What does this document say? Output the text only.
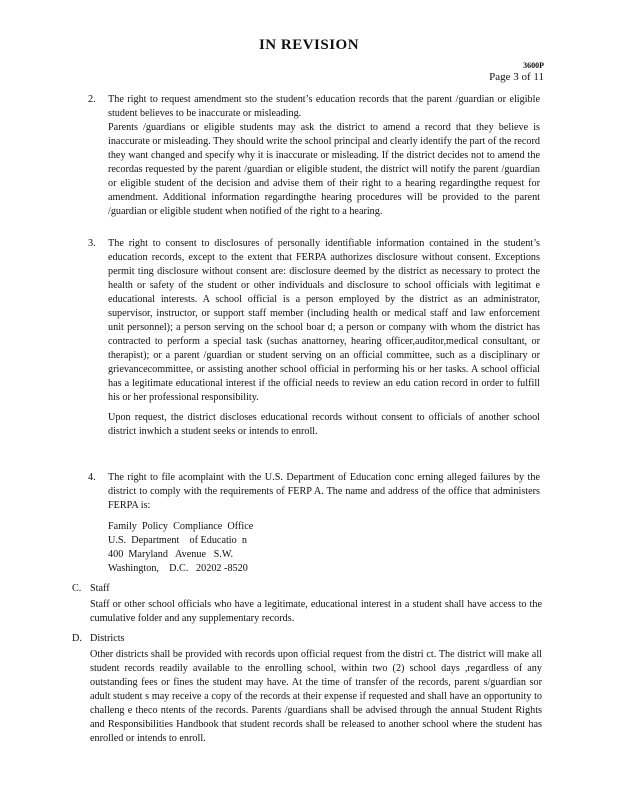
IN REVISION
3600P
Page 3 of 11
2.	The right to request amendment sto the student’s education records that the parent /guardian or eligible student believes to be inaccurate or misleading.

Parents /guardians or eligible students may ask the district to amend a record that they believe is inaccurate or misleading. They should write the school principal and clearly identify the part of the record they want changed and specify why it is inaccurate or misleading. If the district decides not to amend the recordas requested by the parent /guardian or eligible student, the district will notify the parent /guardian or eligible student of the decision and advise them of their right to a hearing regardingthe request for amendment. Additional information regardingthe hearing procedures will be provided to the parent /guardian or eligible student when notified of the right to a hearing.

3.	The right to consent to disclosures of personally identifiable information contained in the student’s education records, except to the extent that FERPA authorizes disclosure without consent. Exceptions permit ting disclosure without consent are: disclosure deemed by the district as necessary to protect the health or safety of the student or other individuals and disclosure to school officials with legitimat e educational interests. A school official is a person employed by the district as an administrator, supervisor, instructor, or support staff member (including health or medical staff and law enforcement unit personnel); a person serving on the school boar d; a person or company with whom the district has contracted to perform a special task (suchas anattorney, hearing officer,auditor,medical consultant, or therapist); or a parent /guardian or student serving on an official committee, such as a disciplinary or grievancecommittee, or assisting another school official in performing his or her tasks. A school official has a legitimate educational interest if the official needs to review an edu cation record in order to fulfill his or her professional responsibility.

Upon request, the district discloses educational records without consent to officials of another school district inwhich a student seeks or intends to enroll.

4.	The right to file acomplaint with the U.S. Department of Education conc erning alleged failures by the district to comply with the requirements of FERP A. The name and address of the office that administers FERPA is:

Family  Policy  Compliance  Office
U.S.  Department    of Educatio  n
400  Maryland   Avenue   S.W.
Washington,    D.C.   20202 -8520
C. Staff
Staff or other school officials who have a legitimate, educational interest in a student shall have access to the cumulative folder and any supplementary records.
D. Districts
Other districts shall be provided with records upon official request from the distri ct. The district will make all student records readily available to the enrolling school, within two (2) school days ,regardless of any outstanding fees or fines the student may have. At the time of transfer of the records, parent s/guardian sor adult student s may receive a copy of the records at their expense if requested and shall have an opportunity to challeng e theco ntents of the records. Parents /guardians shall be advised through the annual Student Rights and Responsibilities Handbook that student records shall be released to another school where the student has enrolled or intends to enroll.
